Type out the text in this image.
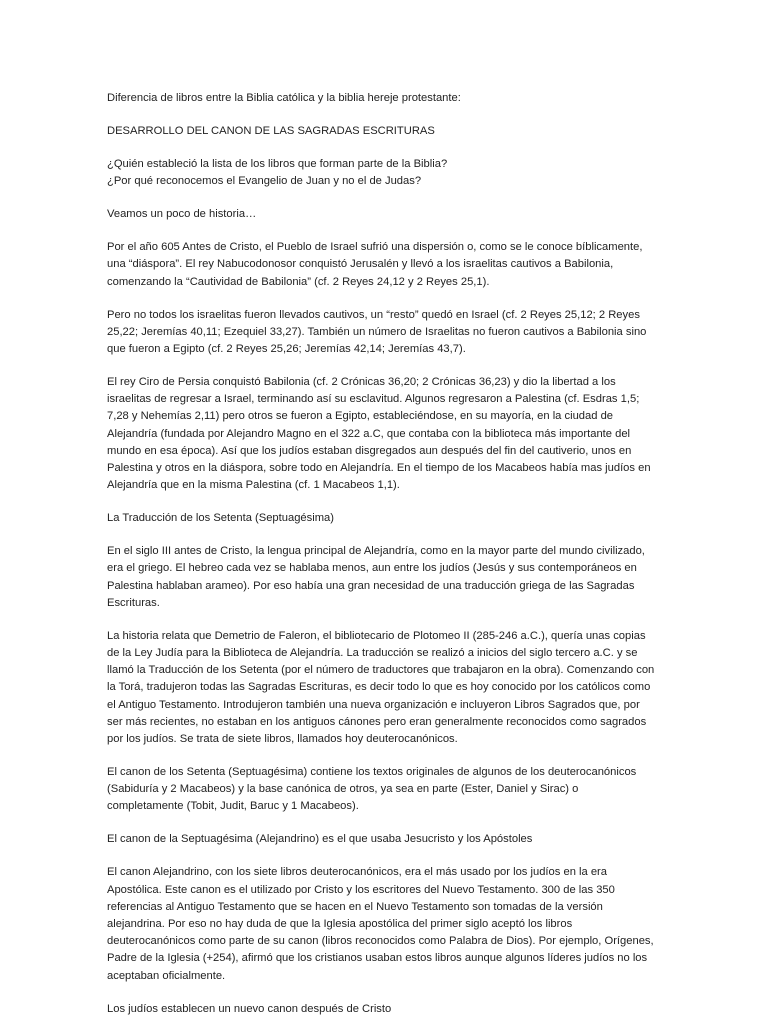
Diferencia de libros entre la Biblia católica y la biblia hereje protestante:

DESARROLLO DEL CANON DE LAS SAGRADAS ESCRITURAS

¿Quién estableció la lista de los libros que forman parte de la Biblia?
¿Por qué reconocemos el Evangelio de Juan y no el de Judas?

Veamos un poco de historia…

Por el año 605 Antes de Cristo, el Pueblo de Israel sufrió una dispersión o, como se le conoce bíblicamente,
una “diáspora”. El rey Nabucodonosor conquistó Jerusalén y llevó a los israelitas cautivos a Babilonia,
comenzando la “Cautividad de Babilonia” (cf. 2 Reyes 24,12 y 2 Reyes 25,1).

Pero no todos los israelitas fueron llevados cautivos, un “resto” quedó en Israel (cf. 2 Reyes 25,12; 2 Reyes
25,22; Jeremías 40,11; Ezequiel 33,27). También un número de Israelitas no fueron cautivos a Babilonia sino
que fueron a Egipto (cf. 2 Reyes 25,26; Jeremías 42,14; Jeremías 43,7).

El rey Ciro de Persia conquistó Babilonia (cf. 2 Crónicas 36,20; 2 Crónicas 36,23) y dio la libertad a los
israelitas de regresar a Israel, terminando así su esclavitud. Algunos regresaron a Palestina (cf. Esdras 1,5;
7,28 y Nehemías 2,11) pero otros se fueron a Egipto, estableciéndose, en su mayoría, en la ciudad de
Alejandría (fundada por Alejandro Magno en el 322 a.C, que contaba con la biblioteca más importante del
mundo en esa época). Así que los judíos estaban disgregados aun después del fin del cautiverio, unos en
Palestina y otros en la diáspora, sobre todo en Alejandría. En el tiempo de los Macabeos había mas judíos en
Alejandría que en la misma Palestina (cf. 1 Macabeos 1,1).

La Traducción de los Setenta (Septuagésima)

En el siglo III antes de Cristo, la lengua principal de Alejandría, como en la mayor parte del mundo civilizado,
era el griego. El hebreo cada vez se hablaba menos, aun entre los judíos (Jesús y sus contemporáneos en
Palestina hablaban arameo). Por eso había una gran necesidad de una traducción griega de las Sagradas
Escrituras.

La historia relata que Demetrio de Faleron, el bibliotecario de Plotomeo II (285-246 a.C.), quería unas copias
de la Ley Judía para la Biblioteca de Alejandría. La traducción se realizó a inicios del siglo tercero a.C. y se
llamó la Traducción de los Setenta (por el número de traductores que trabajaron en la obra). Comenzando con
la Torá, tradujeron todas las Sagradas Escrituras, es decir todo lo que es hoy conocido por los católicos como
el Antiguo Testamento. Introdujeron también una nueva organización e incluyeron Libros Sagrados que, por
ser más recientes, no estaban en los antiguos cánones pero eran generalmente reconocidos como sagrados
por los judíos. Se trata de siete libros, llamados hoy deuterocanónicos.

El canon de los Setenta (Septuagésima) contiene los textos originales de algunos de los deuterocanónicos
(Sabiduría y 2 Macabeos) y la base canónica de otros, ya sea en parte (Ester, Daniel y Sirac) o
completamente (Tobit, Judit, Baruc y 1 Macabeos).

El canon de la Septuagésima (Alejandrino) es el que usaba Jesucristo y los Apóstoles

El canon Alejandrino, con los siete libros deuterocanónicos, era el más usado por los judíos en la era
Apostólica. Este canon es el utilizado por Cristo y los escritores del Nuevo Testamento. 300 de las 350
referencias al Antiguo Testamento que se hacen en el Nuevo Testamento son tomadas de la versión
alejandrina. Por eso no hay duda de que la Iglesia apostólica del primer siglo aceptó los libros
deuterocanónicos como parte de su canon (libros reconocidos como Palabra de Dios). Por ejemplo, Orígenes,
Padre de la Iglesia (+254), afirmó que los cristianos usaban estos libros aunque algunos líderes judíos no los
aceptaban oficialmente.

Los judíos establecen un nuevo canon después de Cristo
